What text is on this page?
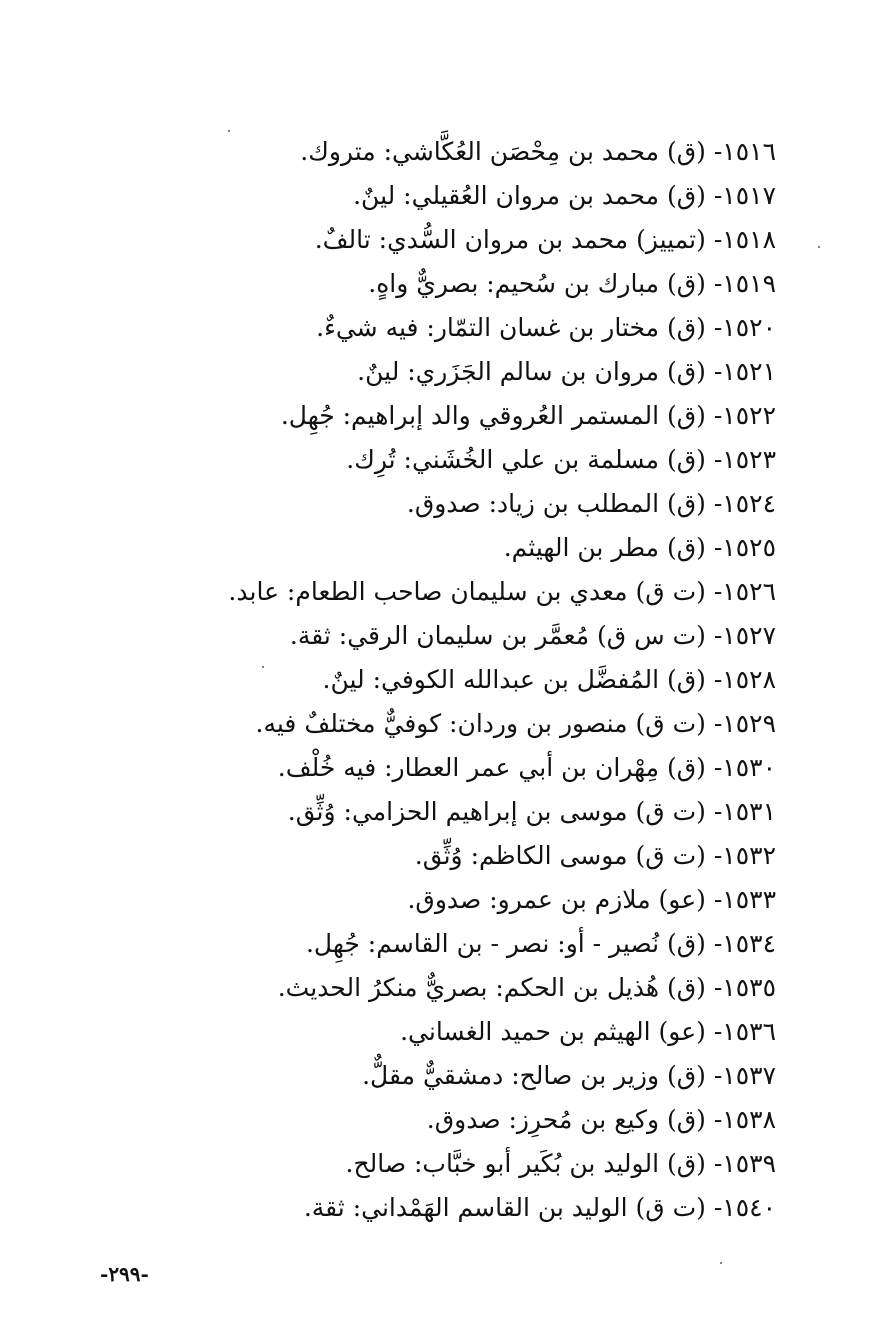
١٥١٦- (ق) محمد بن مِحْصَن العُكَّاشي: متروك.
١٥١٧- (ق) محمد بن مروان العُقيلي: لينٌ.
١٥١٨- (تمييز) محمد بن مروان السُّدي: تالفٌ.
١٥١٩- (ق) مبارك بن سُحيم: بصريٌّ واهٍ.
١٥٢٠- (ق) مختار بن غسان التمّار: فيه شيءٌ.
١٥٢١- (ق) مروان بن سالم الجَزَري: لينٌ.
١٥٢٢- (ق) المستمر العُروقي والد إبراهيم: جُهِل.
١٥٢٣- (ق) مسلمة بن علي الخُشَني: تُرِك.
١٥٢٤- (ق) المطلب بن زياد: صدوق.
١٥٢٥- (ق) مطر بن الهيثم.
١٥٢٦- (ت ق) معدي بن سليمان صاحب الطعام: عابد.
١٥٢٧- (ت س ق) مُعمَّر بن سليمان الرقي: ثقة.
١٥٢٨- (ق) المُفضَّل بن عبدالله الكوفي: لينٌ.
١٥٢٩- (ت ق) منصور بن وردان: كوفيٌّ مختلفٌ فيه.
١٥٣٠- (ق) مِهْران بن أبي عمر العطار: فيه خُلْف.
١٥٣١- (ت ق) موسى بن إبراهيم الحزامي: وُثِّق.
١٥٣٢- (ت ق) موسى الكاظم: وُثِّق.
١٥٣٣- (عو) ملازم بن عمرو: صدوق.
١٥٣٤- (ق) نُصير - أو: نصر - بن القاسم: جُهِل.
١٥٣٥- (ق) هُذيل بن الحكم: بصريٌّ منكرُ الحديث.
١٥٣٦- (عو) الهيثم بن حميد الغساني.
١٥٣٧- (ق) وزير بن صالح: دمشقيٌّ مقلٌّ.
١٥٣٨- (ق) وكيع بن مُحرِز: صدوق.
١٥٣٩- (ق) الوليد بن بُكَير أبو خبَّاب: صالح.
١٥٤٠- (ت ق) الوليد بن القاسم الهَمْداني: ثقة.
-٢٩٩-
